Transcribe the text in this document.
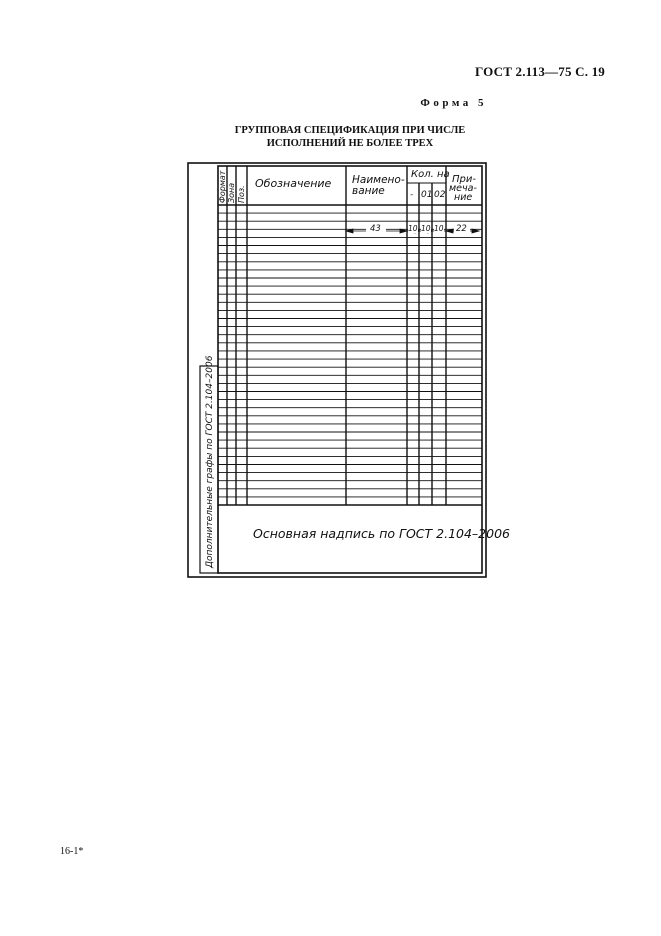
ГОСТ 2.113—75 С. 19
Форма 5
ГРУППОВАЯ СПЕЦИФИКАЦИЯ ПРИ ЧИСЛЕ
ИСПОЛНЕНИЙ НЕ БОЛЕЕ ТРЕХ
Формат Зона Поз.
Обозначение Наимено-
вание
Кол. на
- 01 02
При-
меча-
ние
43	10 10 10 22
Дополнительные графы по ГОСТ 2.104–2006	Основная надпись по ГОСТ 2.104–2006
16-1*
